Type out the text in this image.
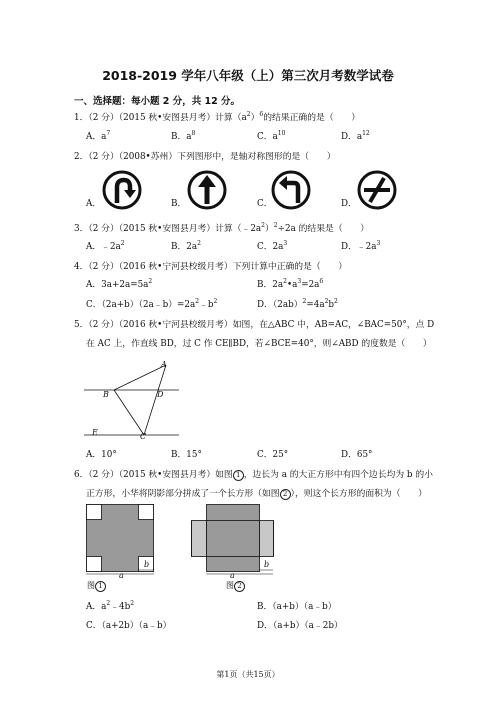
2018-2019 学年八年级（上）第三次月考数学试卷
一、选择题：每小题 2 分，共 12 分。
1．（2 分）（2015 秋•安图县月考）计算$(a^2)^6$的结果正确的是（　　）
A．$a^7$	B．$a^8$	C．$a^{10}$	D．$a^{12}$
2．（2 分）（2008•苏州）下列图形中，是轴对称图形的是（　　）
A．	B．	C．	D．
3．（2 分）（2015 秋•安图县月考）计算$(﹣2a^2)^2\div 2a$ 的结果是（　　）
A．$﹣2a^2$	B．$2a^2$	C．$2a^3$	D．$﹣2a^3$
4．（2 分）（2016 秋•宁河县校级月考）下列计算中正确的是（　　）
A．$3a+2a=5a^2$	B．$2a^2•a^3=2a^6$
C．$(2a+b)(2a﹣b)=2a^2﹣b^2$	D．$(2ab)^2=4a^2b^2$
5．（2 分）（2016 秋•宁河县校级月考）如图，在△ABC 中，AB=AC，∠BAC=50°，点 D
在 AC 上，作直线 BD，过 C 作 CE∥BD，若∠BCE=40°，则∠ABD 的度数是（　　）
A
B	D
E	C
A．10°	B．15°	C．25°	D．65°
6．（2 分）（2015 秋•安图县月考）如图 1 ，边长为 a 的大正方形中有四个边长均为 b 的小
正方形，小华将阴影部分拼成了一个长方形（如图 2 ），则这个长方形的面积为（　　）
a
b
图 1
a
b
图 2
A．$a^2﹣4b^2$	B．（a+b）（a﹣b）
C．（a+2b）（a﹣b）	D．（a+b）（a﹣2b）
第1页（共15页）
